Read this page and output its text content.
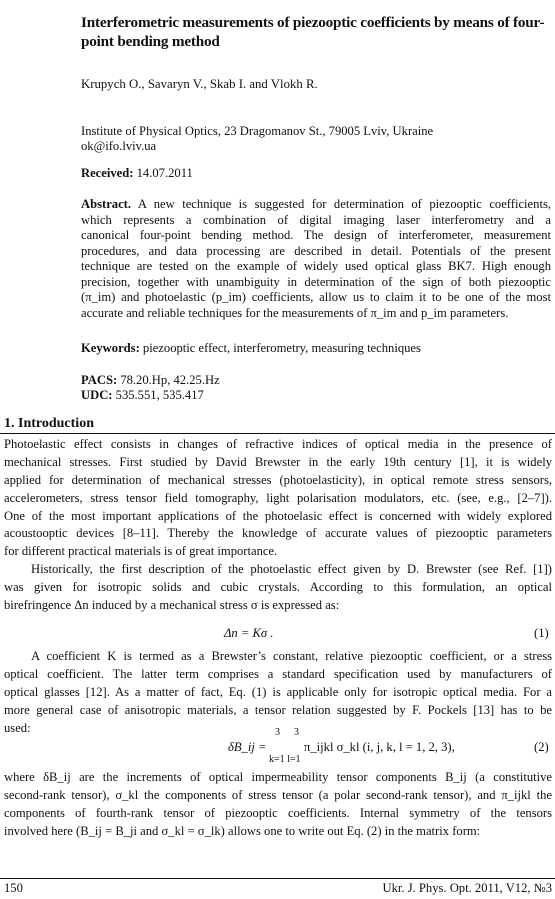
Interferometric measurements of piezooptic coefficients by means of four-point bending method
Krupych O., Savaryn V., Skab I. and Vlokh R.
Institute of Physical Optics, 23 Dragomanov St., 79005 Lviv, Ukraine
ok@ifo.lviv.ua
Received: 14.07.2011
Abstract. A new technique is suggested for determination of piezooptic coefficients,
which represents a combination of digital imaging laser interferometry and a
canonical four-point bending method. The design of interferometer, measurement
procedures, and data processing are described in detail. Potentials of the present
technique are tested on the example of widely used optical glass BK7. High enough
precision, together with unambiguity in determination of the sign of both piezooptic
(π_im) and photoelastic (p_im) coefficients, allow us to claim it to be one of the most
accurate and reliable techniques for the measurements of π_im and p_im parameters.
Keywords: piezooptic effect, interferometry, measuring techniques
PACS: 78.20.Hp, 42.25.Hz
UDC: 535.551, 535.417
1. Introduction
Photoelastic effect consists in changes of refractive indices of optical media in the presence of
mechanical stresses. First studied by David Brewster in the early 19th century [1], it is widely
applied for determination of mechanical stresses (photoelasticity), in optical remote stress sensors,
accelerometers, stress tensor field tomography, light polarisation modulators, etc. (see, e.g., [2–7]).
One of the most important applications of the photoelasic effect is concerned with widely explored
acoustooptic devices [8–11]. Thereby the knowledge of accurate values of piezooptic parameters
for different practical materials is of great importance.
Historically, the first description of the photoelastic effect given by D. Brewster (see Ref. [1])
was given for isotropic solids and cubic crystals. According to this formulation, an optical
birefringence Δn induced by a mechanical stress σ is expressed as:
Δn = Kσ .	(1)
A coefficient K is termed as a Brewster’s constant, relative piezooptic coefficient, or a stress
optical coefficient. The latter term comprises a standard specification used by manufacturers of
optical glasses [12]. As a matter of fact, Eq. (1) is applicable only for isotropic optical media. For a
more general case of anisotropic materials, a tensor relation suggested by F. Pockels [13] has to be
used:
δB_ij =
3 3
π_ijkl σ_kl (i, j, k, l = 1, 2, 3),
k=1 l=1
(2)
where δB_ij are the increments of optical impermeability tensor components B_ij (a constitutive
second-rank tensor), σ_kl the components of stress tensor (a polar second-rank tensor), and π_ijkl the
components of fourth-rank tensor of piezooptic coefficients. Internal symmetry of the tensors
involved here (B_ij = B_ji and σ_kl = σ_lk) allows one to write out Eq. (2) in the matrix form:
150	Ukr. J. Phys. Opt. 2011, V12, №3
